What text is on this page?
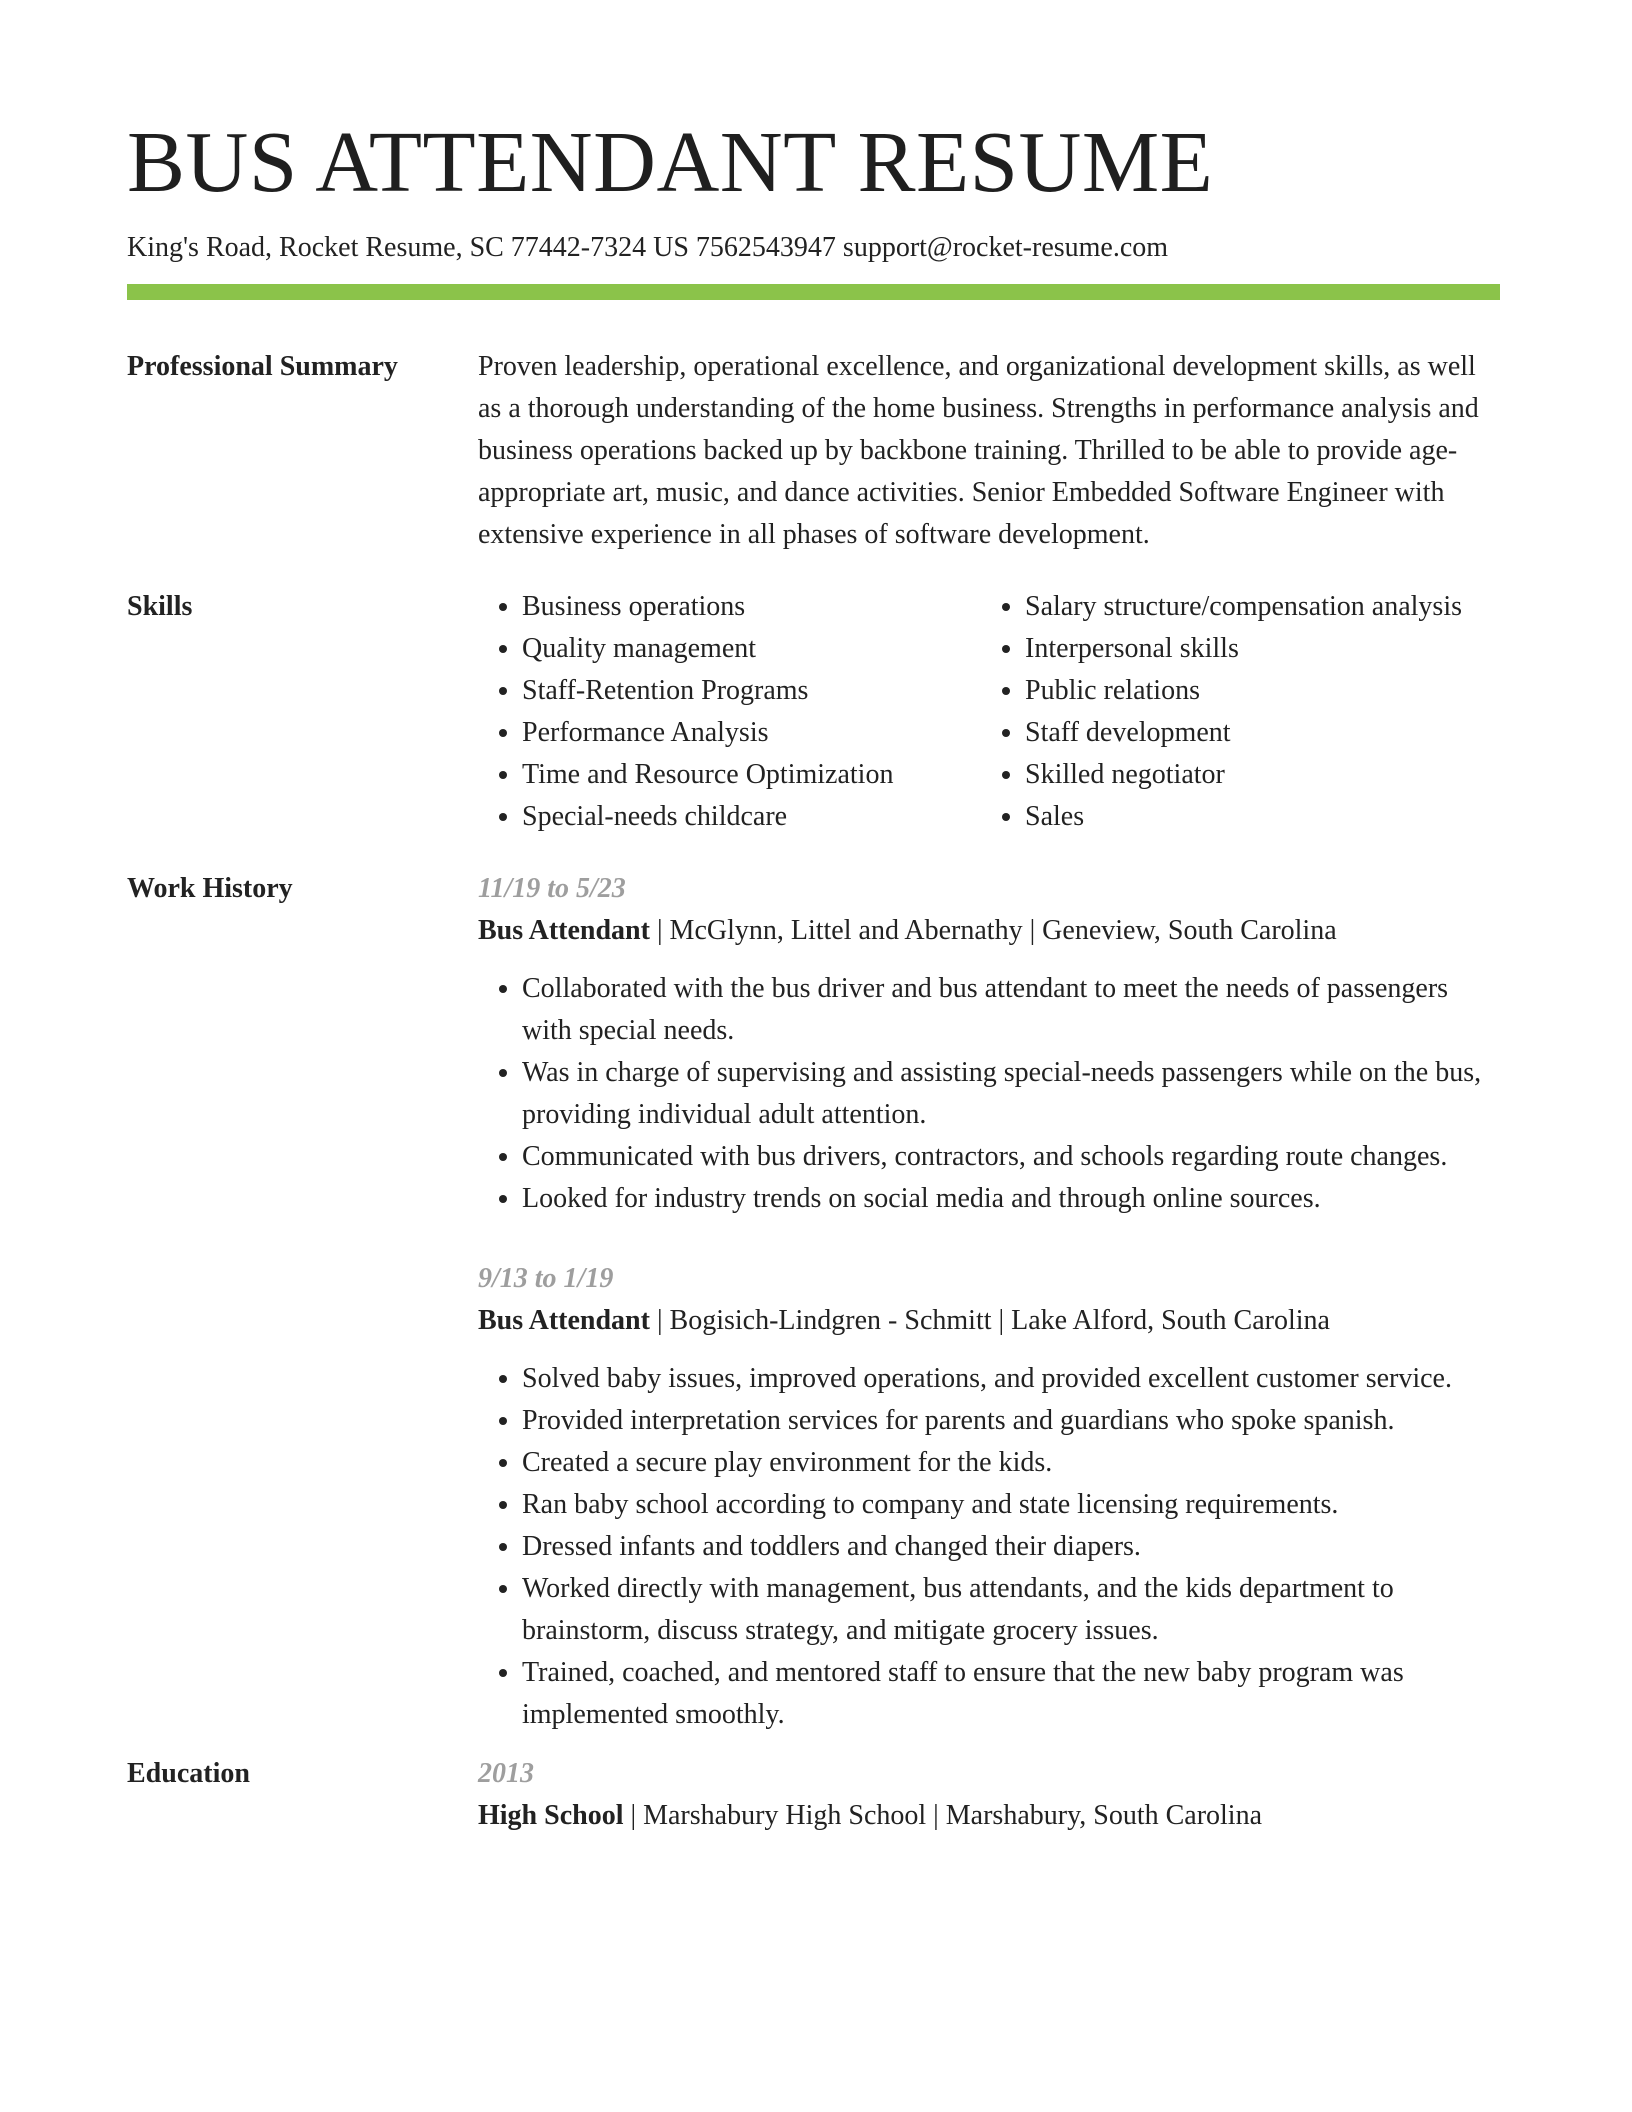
BUS ATTENDANT RESUME
King's Road, Rocket Resume, SC 77442-7324 US 7562543947 support@rocket-resume.com
Professional Summary	Proven leadership, operational excellence, and organizational development skills, as well as a thorough understanding of the home business. Strengths in performance analysis and business operations backed up by backbone training. Thrilled to be able to provide age-appropriate art, music, and dance activities. Senior Embedded Software Engineer with extensive experience in all phases of software development.

Skills
•	Business operations
• Quality management
• Staff-Retention Programs
• Performance Analysis
• Time and Resource Optimization
• Special-needs childcare
• Salary structure/compensation analysis
• Interpersonal skills
• Public relations
• Staff development
• Skilled negotiator
• Sales
Work History	11/19 to 5/23
Bus Attendant | McGlynn, Littel and Abernathy | Geneview, South Carolina
• Collaborated with the bus driver and bus attendant to meet the needs of passengers with special needs.
• Was in charge of supervising and assisting special-needs passengers while on the bus, providing individual adult attention.
• Communicated with bus drivers, contractors, and schools regarding route changes.
• Looked for industry trends on social media and through online sources.
9/13 to 1/19
Bus Attendant | Bogisich-Lindgren - Schmitt | Lake Alford, South Carolina
• Solved baby issues, improved operations, and provided excellent customer service.
• Provided interpretation services for parents and guardians who spoke spanish.
• Created a secure play environment for the kids.
• Ran baby school according to company and state licensing requirements.
• Dressed infants and toddlers and changed their diapers.
• Worked directly with management, bus attendants, and the kids department to brainstorm, discuss strategy, and mitigate grocery issues.
• Trained, coached, and mentored staff to ensure that the new baby program was implemented smoothly.
Education	2013
High School | Marshabury High School | Marshabury, South Carolina
